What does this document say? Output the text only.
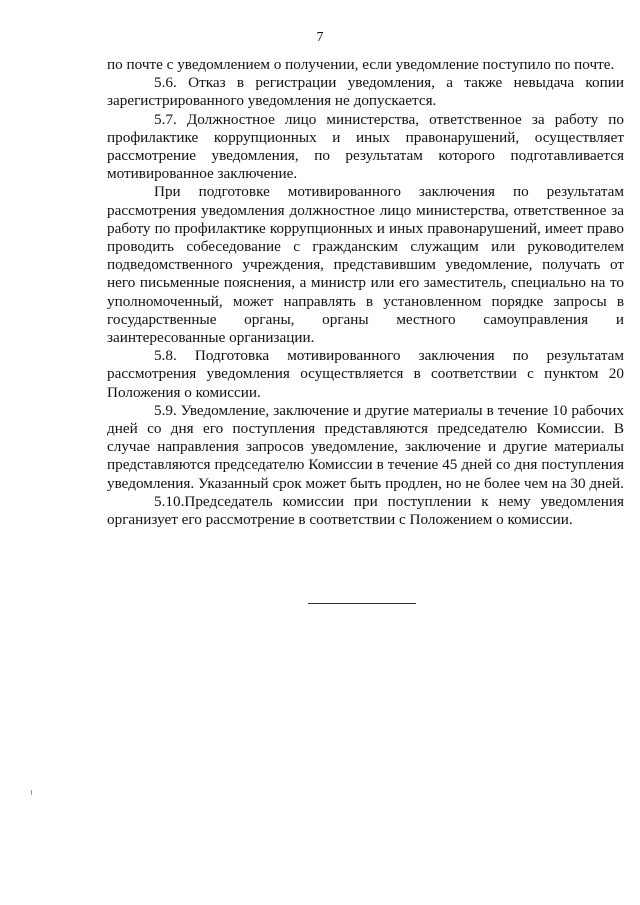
7

по почте с уведомлением о получении, если уведомление поступило по почте.

5.6. Отказ в регистрации уведомления, а также невыдача копии зарегистрированного уведомления не допускается.

5.7. Должностное лицо министерства, ответственное за работу по профилактике коррупционных и иных правонарушений, осуществляет рассмотрение уведомления, по результатам которого подготавливается мотивированное заключение.

При подготовке мотивированного заключения по результатам рассмотрения уведомления должностное лицо министерства, ответственное за работу по профилактике коррупционных и иных правонарушений, имеет право проводить собеседование с гражданским служащим или руководителем подведомственного учреждения, представившим уведомление, получать от него письменные пояснения, а министр или его заместитель, специально на то уполномоченный, может направлять в установленном порядке запросы в государственные органы, органы местного самоуправления и заинтересованные организации.

5.8. Подготовка мотивированного заключения по результатам рассмотрения уведомления осуществляется в соответствии с пунктом 20 Положения о комиссии.

5.9. Уведомление, заключение и другие материалы в течение 10 рабочих дней со дня его поступления представляются председателю Комиссии. В случае направления запросов уведомление, заключение и другие материалы представляются председателю Комиссии в течение 45 дней со дня поступления уведомления. Указанный срок может быть продлен, но не более чем на 30 дней.

5.10.Председатель комиссии при поступлении к нему уведомления организует его рассмотрение в соответствии с Положением о комиссии.
